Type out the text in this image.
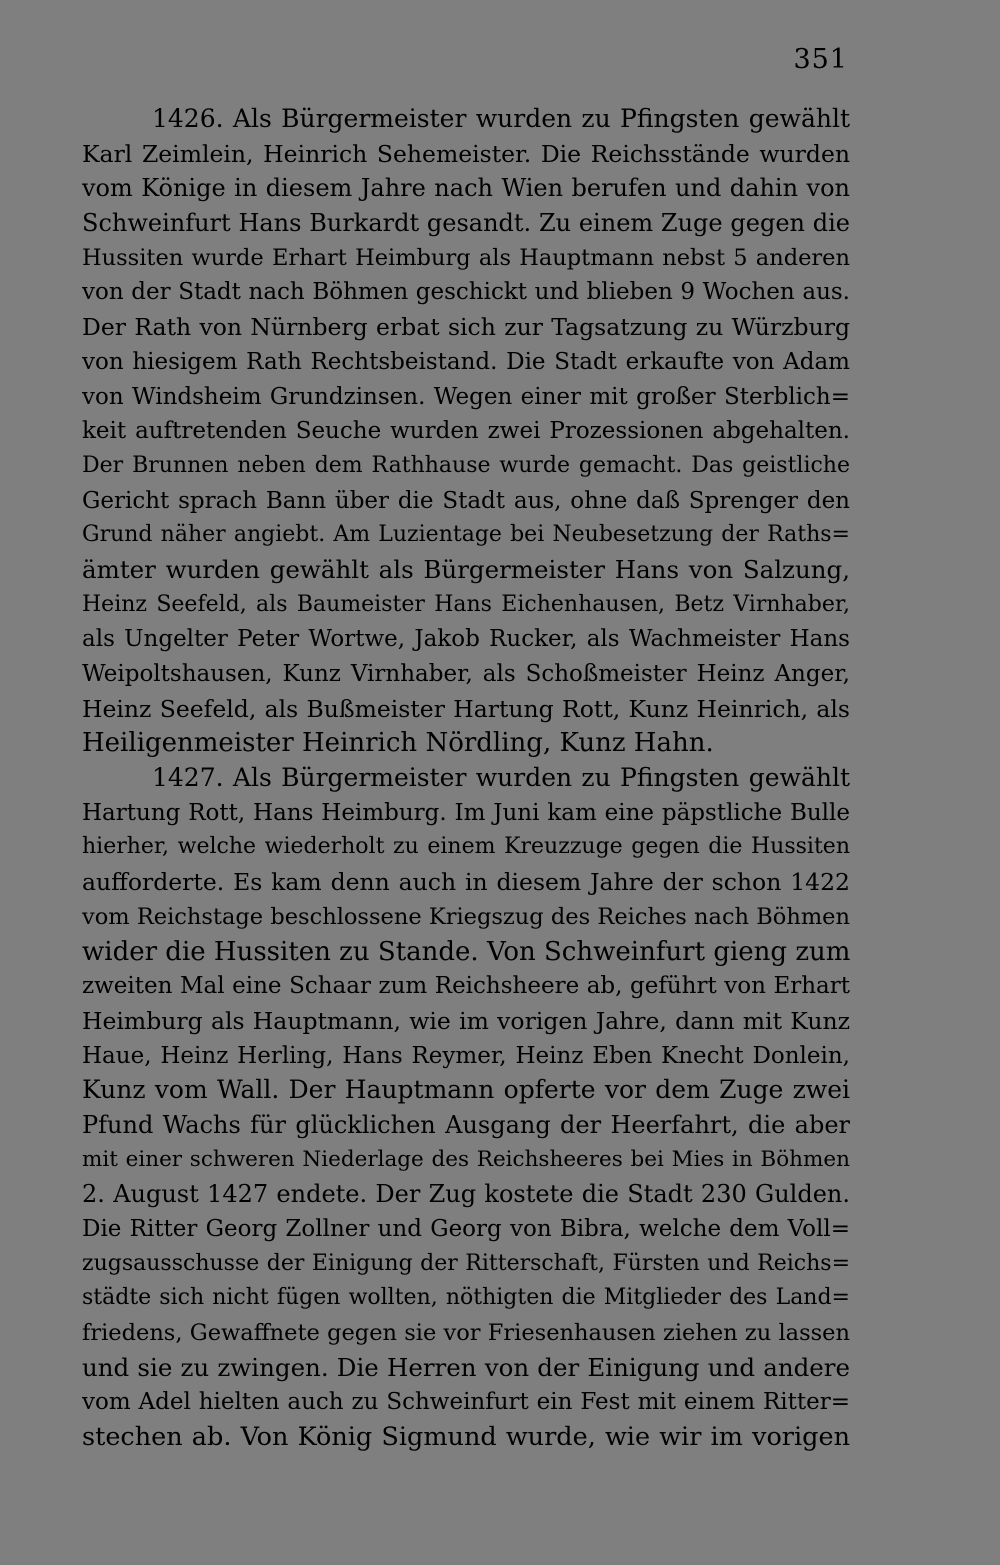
351
1426. Als Bürgermeister wurden zu Pfingsten gewählt
Karl Zeimlein, Heinrich Sehemeister. Die Reichsstände wurden
vom Könige in diesem Jahre nach Wien berufen und dahin von
Schweinfurt Hans Burkardt gesandt. Zu einem Zuge gegen die
Hussiten wurde Erhart Heimburg als Hauptmann nebst 5 anderen
von der Stadt nach Böhmen geschickt und blieben 9 Wochen aus.
Der Rath von Nürnberg erbat sich zur Tagsatzung zu Würzburg
von hiesigem Rath Rechtsbeistand. Die Stadt erkaufte von Adam
von Windsheim Grundzinsen. Wegen einer mit großer Sterblich=
keit auftretenden Seuche wurden zwei Prozessionen abgehalten.
Der Brunnen neben dem Rathhause wurde gemacht. Das geistliche
Gericht sprach Bann über die Stadt aus, ohne daß Sprenger den
Grund näher angiebt. Am Luzientage bei Neubesetzung der Raths=
ämter wurden gewählt als Bürgermeister Hans von Salzung,
Heinz Seefeld, als Baumeister Hans Eichenhausen, Betz Virnhaber,
als Ungelter Peter Wortwe, Jakob Rucker, als Wachmeister Hans
Weipoltshausen, Kunz Virnhaber, als Schoßmeister Heinz Anger,
Heinz Seefeld, als Bußmeister Hartung Rott, Kunz Heinrich, als
Heiligenmeister Heinrich Nördling, Kunz Hahn.
1427. Als Bürgermeister wurden zu Pfingsten gewählt
Hartung Rott, Hans Heimburg. Im Juni kam eine päpstliche Bulle
hierher, welche wiederholt zu einem Kreuzzuge gegen die Hussiten
aufforderte. Es kam denn auch in diesem Jahre der schon 1422
vom Reichstage beschlossene Kriegszug des Reiches nach Böhmen
wider die Hussiten zu Stande. Von Schweinfurt gieng zum
zweiten Mal eine Schaar zum Reichsheere ab, geführt von Erhart
Heimburg als Hauptmann, wie im vorigen Jahre, dann mit Kunz
Haue, Heinz Herling, Hans Reymer, Heinz Eben Knecht Donlein,
Kunz vom Wall. Der Hauptmann opferte vor dem Zuge zwei
Pfund Wachs für glücklichen Ausgang der Heerfahrt, die aber
mit einer schweren Niederlage des Reichsheeres bei Mies in Böhmen
2. August 1427 endete. Der Zug kostete die Stadt 230 Gulden.
Die Ritter Georg Zollner und Georg von Bibra, welche dem Voll=
zugsausschusse der Einigung der Ritterschaft, Fürsten und Reichs=
städte sich nicht fügen wollten, nöthigten die Mitglieder des Land=
friedens, Gewaffnete gegen sie vor Friesenhausen ziehen zu lassen
und sie zu zwingen. Die Herren von der Einigung und andere
vom Adel hielten auch zu Schweinfurt ein Fest mit einem Ritter=
stechen ab. Von König Sigmund wurde, wie wir im vorigen
